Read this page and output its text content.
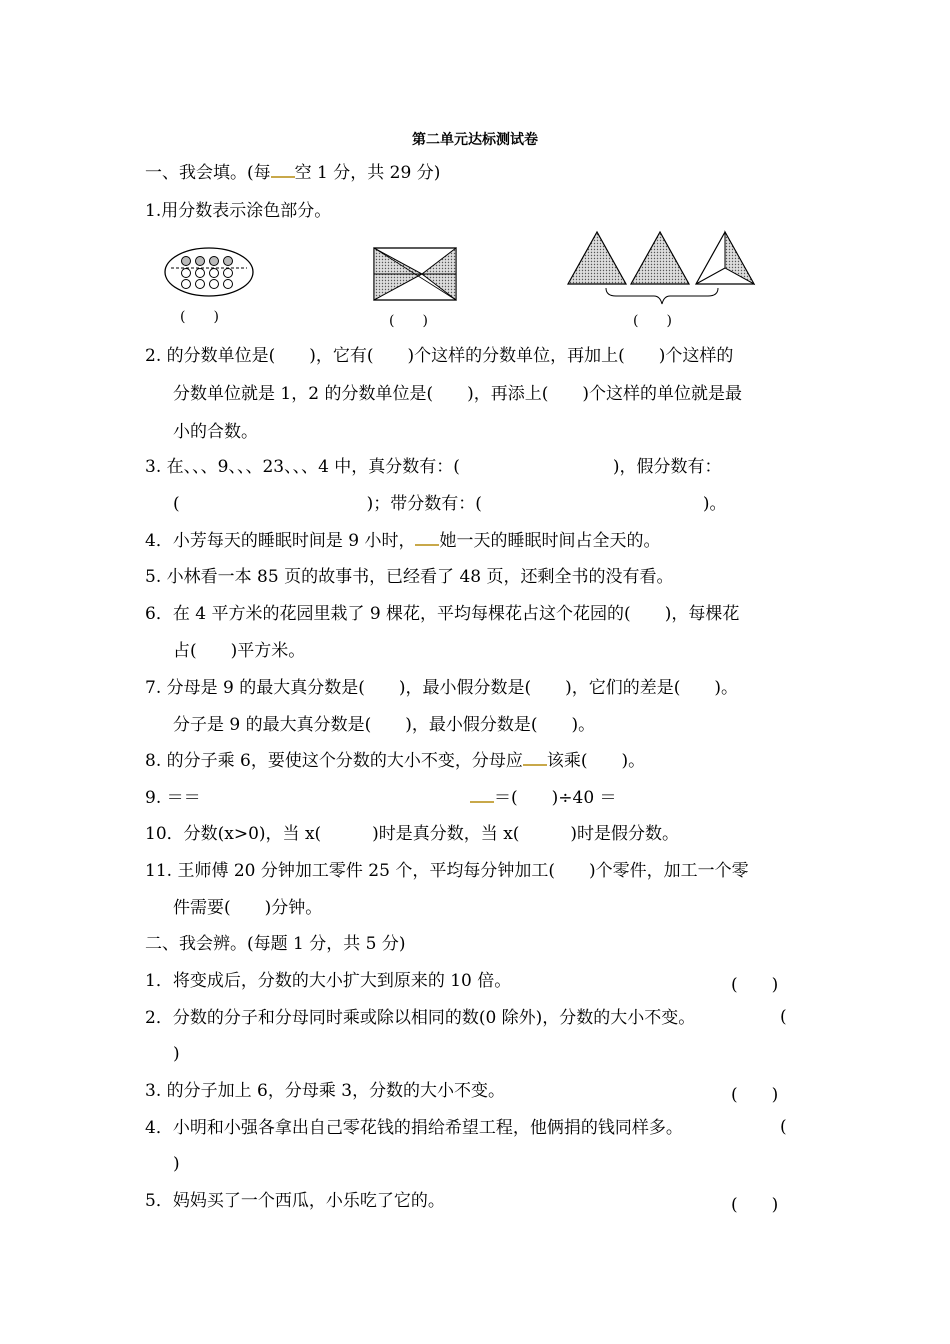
第二单元达标测试卷
一、我会填。(每 空 1 分，共 29 分)
1.用分数表示涂色部分。
(　　)	(　　)	(　　)
2. 的分数单位是(　　)，它有(　　)个这样的分数单位，再加上(　　)个这样的
分数单位就是 1，2 的分数单位是(　　)，再添上(　　)个这样的单位就是最
小的合数。
3. 在、、、9、、、23、、、4 中，真分数有：(　　　　　　　　　)，假分数有：
(　　　　　　　　　　　)；带分数有：(　　　　　　　　　　　　　)。
4．小芳每天的睡眠时间是 9 小时， 她一天的睡眠时间占全天的。
5. 小林看一本 85 页的故事书，已经看了 48 页，还剩全书的没有看。
6．在 4 平方米的花园里栽了 9 棵花，平均每棵花占这个花园的(　　)，每棵花
占(　　)平方米。
7. 分母是 9 的最大真分数是(　　)，最小假分数是(　　)，它们的差是(　　)。
分子是 9 的最大真分数是(　　)，最小假分数是(　　)。
8. 的分子乘 6，要使这个分数的大小不变，分母应 该乘(　　)。
9. ＝＝	＝(　　)÷40 ＝
10．分数(x>0)，当 x(　　　)时是真分数，当 x(　　　)时是假分数。
11. 王师傅 20 分钟加工零件 25 个，平均每分钟加工(　　)个零件，加工一个零
件需要(　　)分钟。
二、我会辨。(每题 1 分，共 5 分)
1．将变成后，分数的大小扩大到原来的 10 倍。	(　　)
2．分数的分子和分母同时乘或除以相同的数(0 除外)，分数的大小不变。	(
)
3. 的分子加上 6，分母乘 3，分数的大小不变。	(　　)
4．小明和小强各拿出自己零花钱的捐给希望工程，他俩捐的钱同样多。	(
)
5．妈妈买了一个西瓜，小乐吃了它的。	(　　)
